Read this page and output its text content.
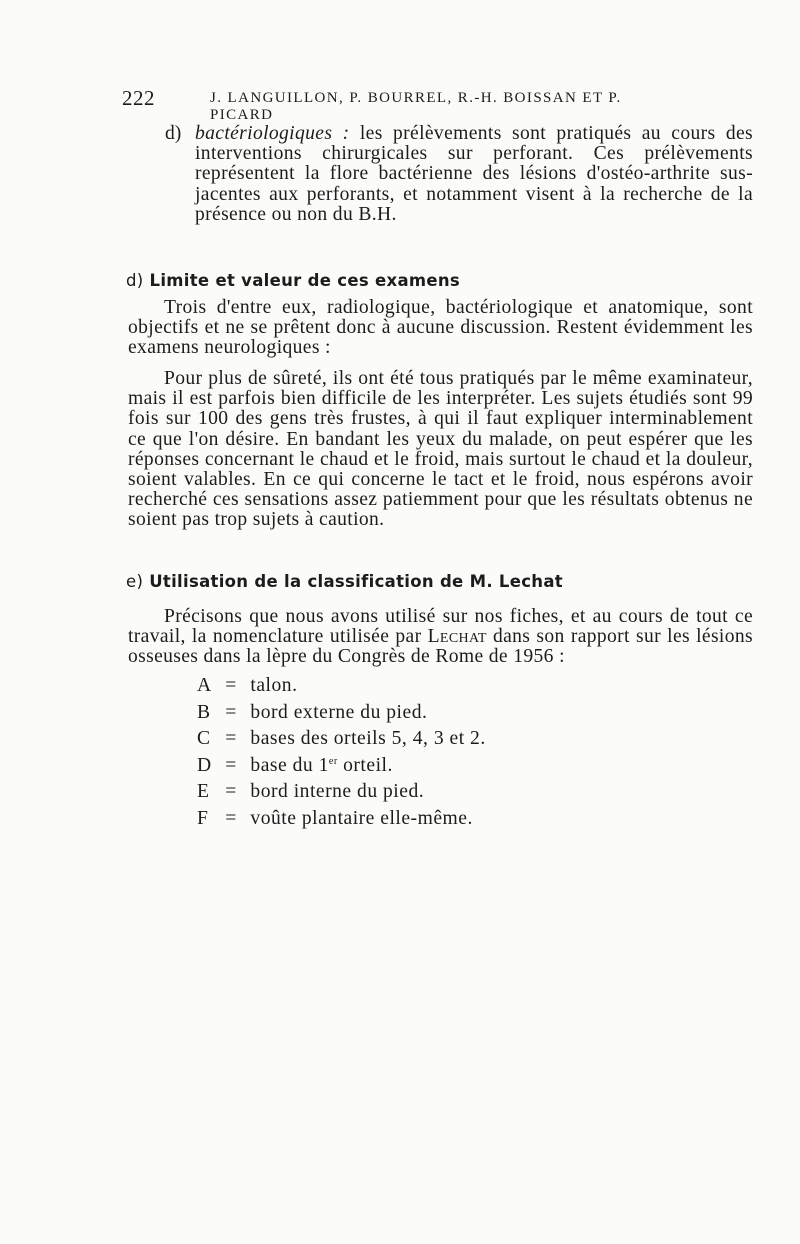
222	J. LANGUILLON, P. BOURREL, R.-H. BOISSAN ET P. PICARD
d) bactériologiques : les prélèvements sont pratiqués au cours des interventions chirurgicales sur perforant. Ces prélèvements représentent la flore bactérienne des lésions d'ostéo-arthrite sus-jacentes aux perforants, et notamment visent à la recherche de la présence ou non du B.H.

d) Limite et valeur de ces examens

Trois d'entre eux, radiologique, bactériologique et anatomique, sont objectifs et ne se prêtent donc à aucune discussion. Restent évidemment les examens neurologiques :

Pour plus de sûreté, ils ont été tous pratiqués par le même examinateur, mais il est parfois bien difficile de les interpréter. Les sujets étudiés sont 99 fois sur 100 des gens très frustes, à qui il faut expliquer interminablement ce que l'on désire. En bandant les yeux du malade, on peut espérer que les réponses concernant le chaud et le froid, mais surtout le chaud et la douleur, soient valables. En ce qui concerne le tact et le froid, nous espérons avoir recherché ces sensations assez patiemment pour que les résultats obtenus ne soient pas trop sujets à caution.

e) Utilisation de la classification de M. Lechat

Précisons que nous avons utilisé sur nos fiches, et au cours de tout ce travail, la nomenclature utilisée par Lechat dans son rapport sur les lésions osseuses dans la lèpre du Congrès de Rome de 1956 :

A = talon.
B = bord externe du pied.
C = bases des orteils 5, 4, 3 et 2.
D = base du 1er orteil.
E = bord interne du pied.
F = voûte plantaire elle-même.
